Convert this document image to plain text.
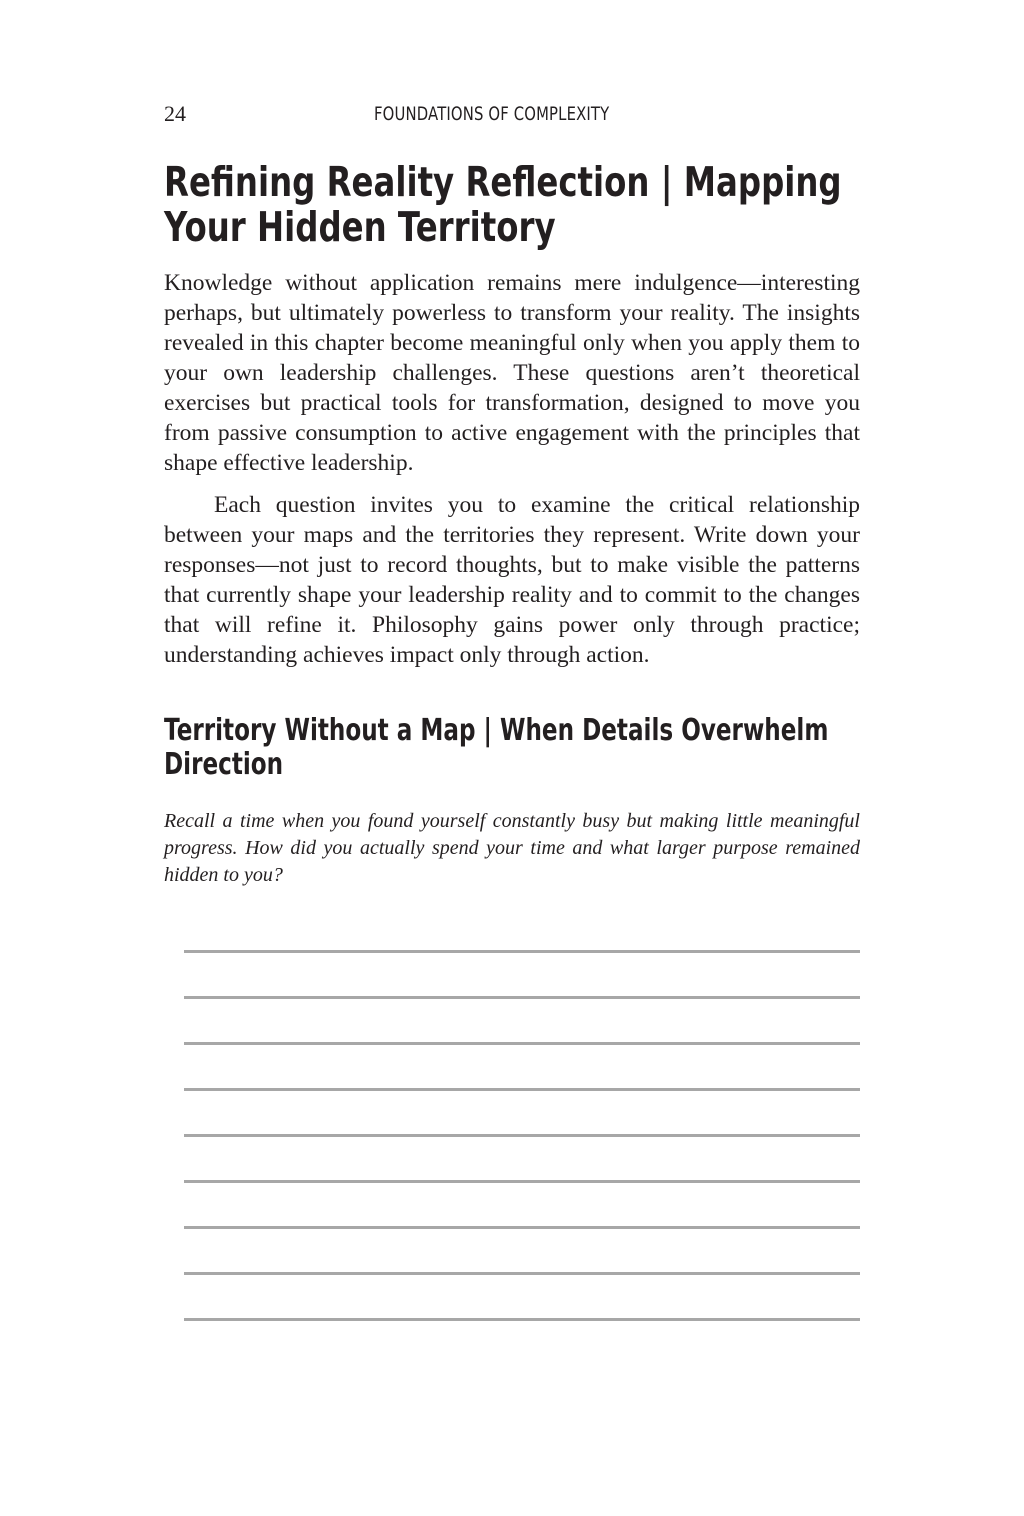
24	FOUNDATIONS OF COMPLEXITY
Refining Reality Reflection | Mapping Your Hidden Territory

Knowledge without application remains mere indulgence—interesting perhaps, but ultimately powerless to transform your reality. The insights revealed in this chapter become meaningful only when you apply them to your own leadership challenges. These questions aren’t theoretical exercises but practical tools for transformation, designed to move you from passive consumption to active engagement with the principles that shape effective leadership.

Each question invites you to examine the critical relationship between your maps and the territories they represent. Write down your responses—not just to record thoughts, but to make visible the patterns that currently shape your leadership reality and to commit to the changes that will refine it. Philosophy gains power only through practice; understanding achieves impact only through action.

Territory Without a Map | When Details Overwhelm Direction

Recall a time when you found yourself constantly busy but making little meaningful progress. How did you actually spend your time and what larger purpose remained hidden to you?
